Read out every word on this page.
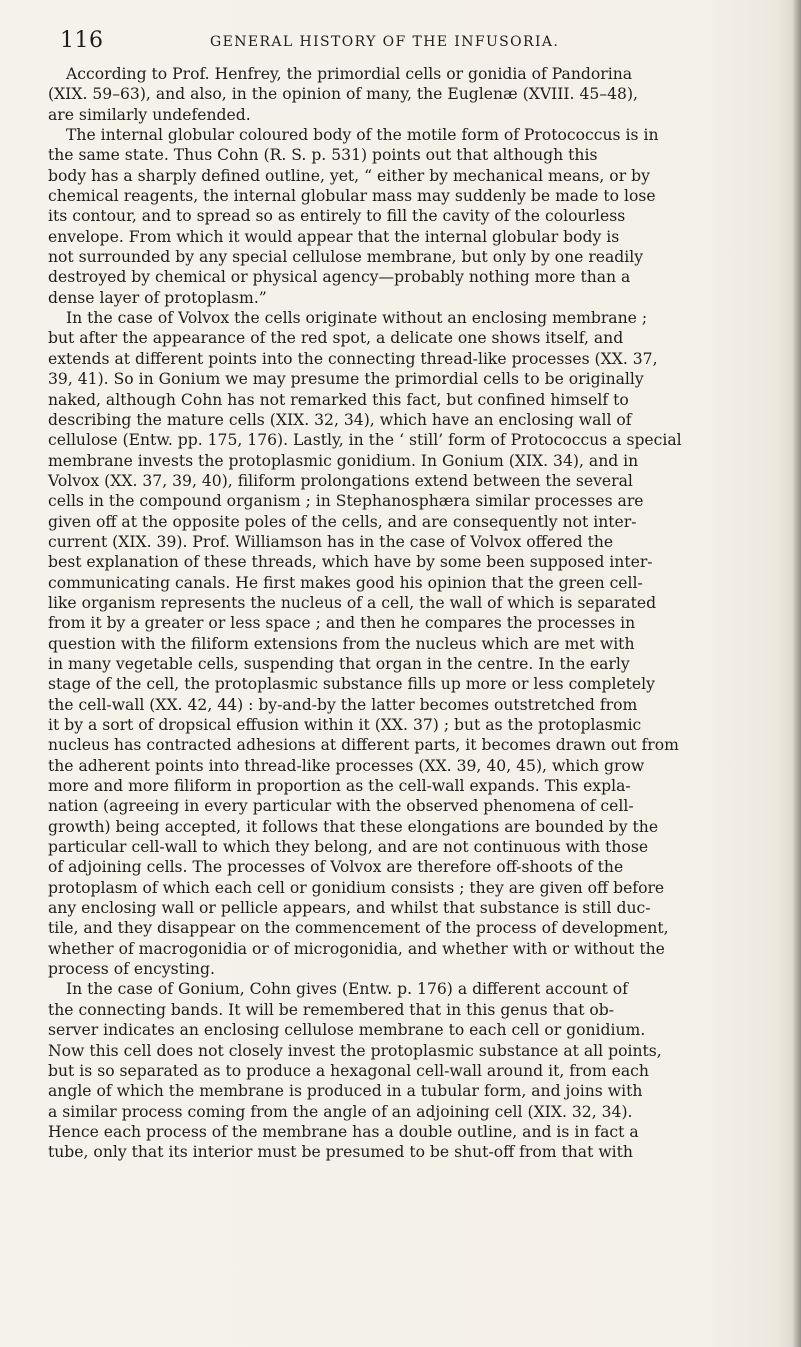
116	GENERAL HISTORY OF THE INFUSORIA.
According to Prof. Henfrey, the primordial cells or gonidia of Pandorina
(XIX. 59–63), and also, in the opinion of many, the Euglenæ (XVIII. 45–48),
are similarly undefended.
The internal globular coloured body of the motile form of Protococcus is in
the same state. Thus Cohn (R. S. p. 531) points out that although this
body has a sharply defined outline, yet, “ either by mechanical means, or by
chemical reagents, the internal globular mass may suddenly be made to lose
its contour, and to spread so as entirely to fill the cavity of the colourless
envelope. From which it would appear that the internal globular body is
not surrounded by any special cellulose membrane, but only by one readily
destroyed by chemical or physical agency—probably nothing more than a
dense layer of protoplasm.”
In the case of Volvox the cells originate without an enclosing membrane ;
but after the appearance of the red spot, a delicate one shows itself, and
extends at different points into the connecting thread-like processes (XX. 37,
39, 41). So in Gonium we may presume the primordial cells to be originally
naked, although Cohn has not remarked this fact, but confined himself to
describing the mature cells (XIX. 32, 34), which have an enclosing wall of
cellulose (Entw. pp. 175, 176). Lastly, in the ‘ still’ form of Protococcus a special
membrane invests the protoplasmic gonidium. In Gonium (XIX. 34), and in
Volvox (XX. 37, 39, 40), filiform prolongations extend between the several
cells in the compound organism ; in Stephanosphæra similar processes are
given off at the opposite poles of the cells, and are consequently not inter-
current (XIX. 39). Prof. Williamson has in the case of Volvox offered the
best explanation of these threads, which have by some been supposed inter-
communicating canals. He first makes good his opinion that the green cell-
like organism represents the nucleus of a cell, the wall of which is separated
from it by a greater or less space ; and then he compares the processes in
question with the filiform extensions from the nucleus which are met with
in many vegetable cells, suspending that organ in the centre. In the early
stage of the cell, the protoplasmic substance fills up more or less completely
the cell-wall (XX. 42, 44) : by-and-by the latter becomes outstretched from
it by a sort of dropsical effusion within it (XX. 37) ; but as the protoplasmic
nucleus has contracted adhesions at different parts, it becomes drawn out from
the adherent points into thread-like processes (XX. 39, 40, 45), which grow
more and more filiform in proportion as the cell-wall expands. This expla-
nation (agreeing in every particular with the observed phenomena of cell-
growth) being accepted, it follows that these elongations are bounded by the
particular cell-wall to which they belong, and are not continuous with those
of adjoining cells. The processes of Volvox are therefore off-shoots of the
protoplasm of which each cell or gonidium consists ; they are given off before
any enclosing wall or pellicle appears, and whilst that substance is still duc-
tile, and they disappear on the commencement of the process of development,
whether of macrogonidia or of microgonidia, and whether with or without the
process of encysting.
In the case of Gonium, Cohn gives (Entw. p. 176) a different account of
the connecting bands. It will be remembered that in this genus that ob-
server indicates an enclosing cellulose membrane to each cell or gonidium.
Now this cell does not closely invest the protoplasmic substance at all points,
but is so separated as to produce a hexagonal cell-wall around it, from each
angle of which the membrane is produced in a tubular form, and joins with
a similar process coming from the angle of an adjoining cell (XIX. 32, 34).
Hence each process of the membrane has a double outline, and is in fact a
tube, only that its interior must be presumed to be shut-off from that with
